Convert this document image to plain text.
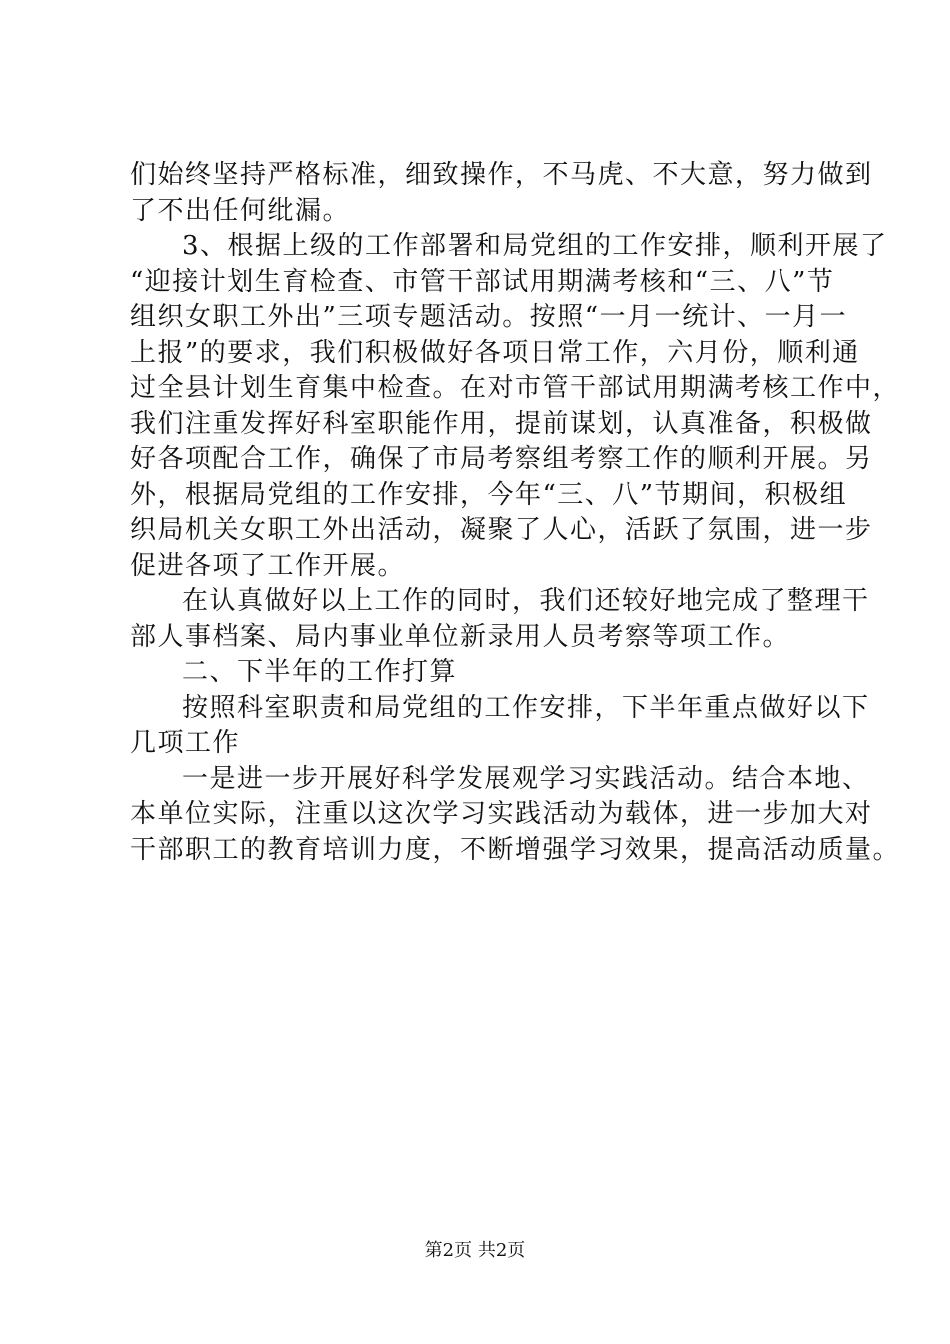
们始终坚持严格标准，细致操作，不马虎、不大意，努力做到
了不出任何纰漏。
3、根据上级的工作部署和局党组的工作安排，顺利开展了
“迎接计划生育检查、市管干部试用期满考核和“三、八”节
组织女职工外出”三项专题活动。按照“一月一统计、一月一
上报”的要求，我们积极做好各项日常工作，六月份，顺利通
过全县计划生育集中检查。在对市管干部试用期满考核工作中，
我们注重发挥好科室职能作用，提前谋划，认真准备，积极做
好各项配合工作，确保了市局考察组考察工作的顺利开展。另
外，根据局党组的工作安排，今年“三、八”节期间，积极组
织局机关女职工外出活动，凝聚了人心，活跃了氛围，进一步
促进各项了工作开展。
在认真做好以上工作的同时，我们还较好地完成了整理干
部人事档案、局内事业单位新录用人员考察等项工作。
二、下半年的工作打算
按照科室职责和局党组的工作安排，下半年重点做好以下
几项工作
一是进一步开展好科学发展观学习实践活动。结合本地、
本单位实际，注重以这次学习实践活动为载体，进一步加大对
干部职工的教育培训力度，不断增强学习效果，提高活动质量。
第2页 共2页
